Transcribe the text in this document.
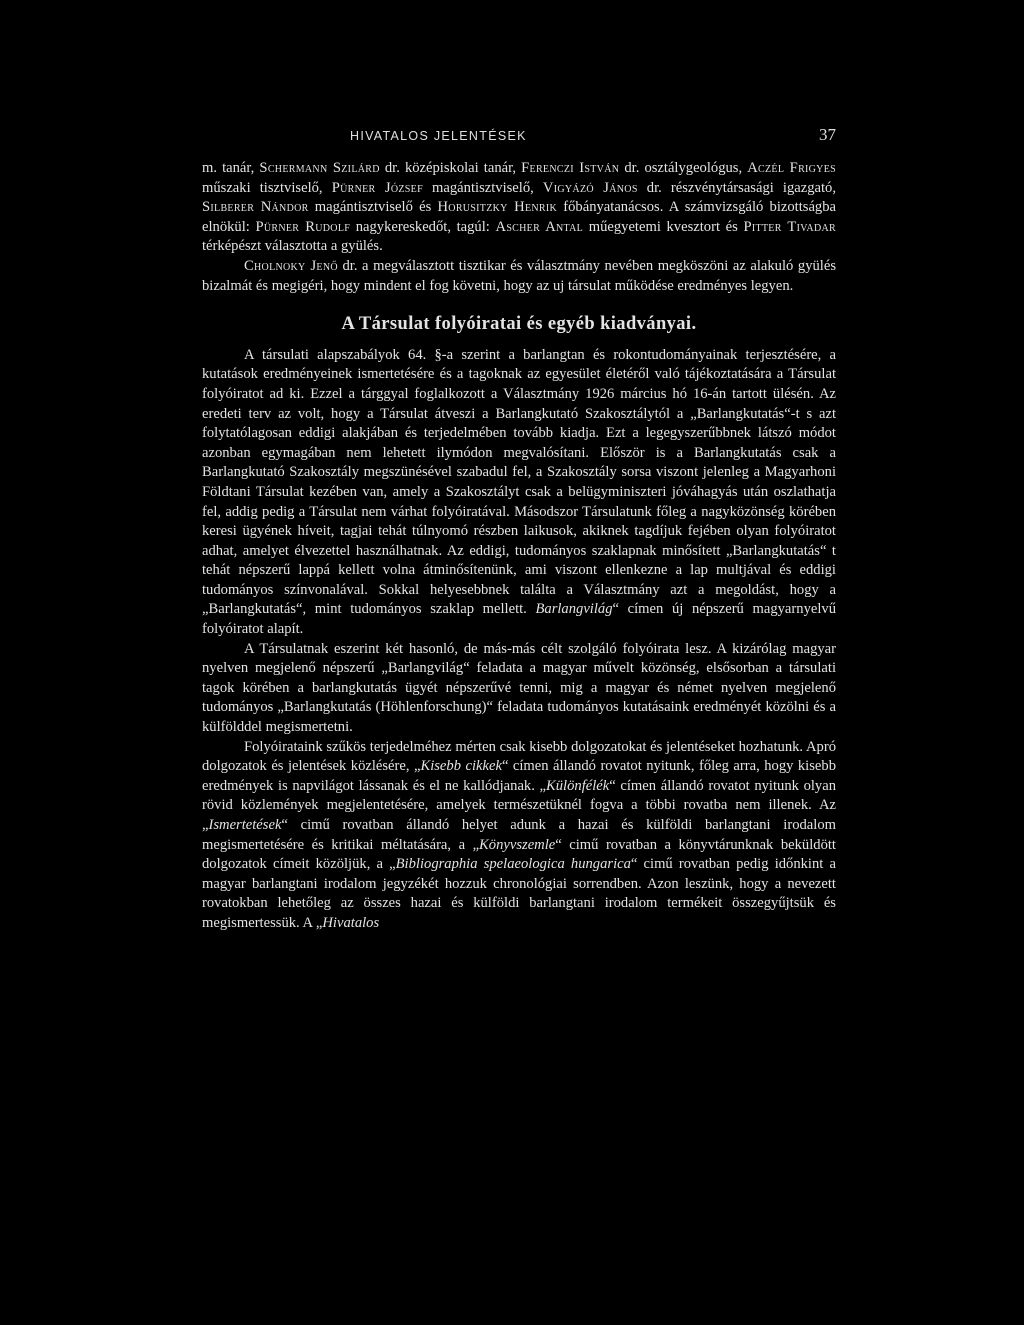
HIVATALOS JELENTÉSEK	37

m. tanár, Schermann Szilárd dr. középiskolai tanár, Ferenczi István dr. osztálygeológus, Aczél Frigyes műszaki tisztviselő, Pürner József magántisztviselő, Vigyázó János dr. részvénytársasági igazgató, Silberer Nándor magántisztviselő és Horusitzky Henrik főbányatanácsos. A számvizsgáló bizottságba elnökül: Pürner Rudolf nagykereskedőt, tagúl: Ascher Antal műegyetemi kvesztort és Pitter Tivadar térképészt választotta a gyülés.

Cholnoky Jenő dr. a megválasztott tisztikar és választmány nevében megköszöni az alakuló gyülés bizalmát és megigéri, hogy mindent el fog követni, hogy az uj társulat működése eredményes legyen.

A Társulat folyóiratai és egyéb kiadványai.

A társulati alapszabályok 64. §-a szerint a barlangtan és rokontudományainak terjesztésére, a kutatások eredményeinek ismertetésére és a tagoknak az egyesület életéről való tájékoztatására a Társulat folyóiratot ad ki. Ezzel a tárggyal foglalkozott a Választmány 1926 március hó 16-án tartott ülésén. Az eredeti terv az volt, hogy a Társulat átveszi a Barlangkutató Szakosztálytól a „Barlangkutatás“-t s azt folytatólagosan eddigi alakjában és terjedelmében tovább kiadja. Ezt a legegyszerűbbnek látszó módot azonban egymagában nem lehetett ilymódon megvalósítani. Először is a Barlangkutatás csak a Barlangkutató Szakosztály megszünésével szabadul fel, a Szakosztály sorsa viszont jelenleg a Magyarhoni Földtani Társulat kezében van, amely a Szakosztályt csak a belügyminiszteri jóváhagyás után oszlathatja fel, addig pedig a Társulat nem várhat folyóiratával. Másodszor Társulatunk főleg a nagyközönség körében keresi ügyének híveit, tagjai tehát túlnyomó részben laikusok, akiknek tagdíjuk fejében olyan folyóiratot adhat, amelyet élvezettel használhatnak. Az eddigi, tudományos szaklapnak minősített „Barlangkutatás“ t tehát népszerű lappá kellett volna átminősítenünk, ami viszont ellenkezne a lap multjával és eddigi tudományos színvonalával. Sokkal helyesebbnek találta a Választmány azt a megoldást, hogy a „Barlangkutatás“, mint tudományos szaklap mellett. Barlangvilág“ címen új népszerű magyarnyelvű folyóiratot alapít.

A Társulatnak eszerint két hasonló, de más-más célt szolgáló folyóirata lesz. A kizárólag magyar nyelven megjelenő népszerű „Barlangvilág“ feladata a magyar művelt közönség, elsősorban a társulati tagok körében a barlangkutatás ügyét népszerűvé tenni, mig a magyar és német nyelven megjelenő tudományos „Barlangkutatás (Höhlenforschung)“ feladata tudományos kutatásaink eredményét közölni és a külfölddel megismertetni.

Folyóirataink szűkös terjedelméhez mérten csak kisebb dolgozatokat és jelentéseket hozhatunk. Apró dolgozatok és jelentések közlésére, „Kisebb cikkek“ címen állandó rovatot nyitunk, főleg arra, hogy kisebb eredmények is napvilágot lássanak és el ne kallódjanak. „Különfélék“ címen állandó rovatot nyitunk olyan rövid közlemények megjelentetésére, amelyek természetüknél fogva a többi rovatba nem illenek. Az „Ismertetések“ cimű rovatban állandó helyet adunk a hazai és külföldi barlangtani irodalom megismertetésére és kritikai méltatására, a „Könyvszemle“ cimű rovatban a könyvtárunknak beküldött dolgozatok címeit közöljük, a „Bibliographia spelaeologica hungarica“ cimű rovatban pedig időnkint a magyar barlangtani irodalom jegyzékét hozzuk chronológiai sorrendben. Azon leszünk, hogy a nevezett rovatokban lehetőleg az összes hazai és külföldi barlangtani irodalom termékeit összegyűjtsük és megismertessük. A „Hivatalos
